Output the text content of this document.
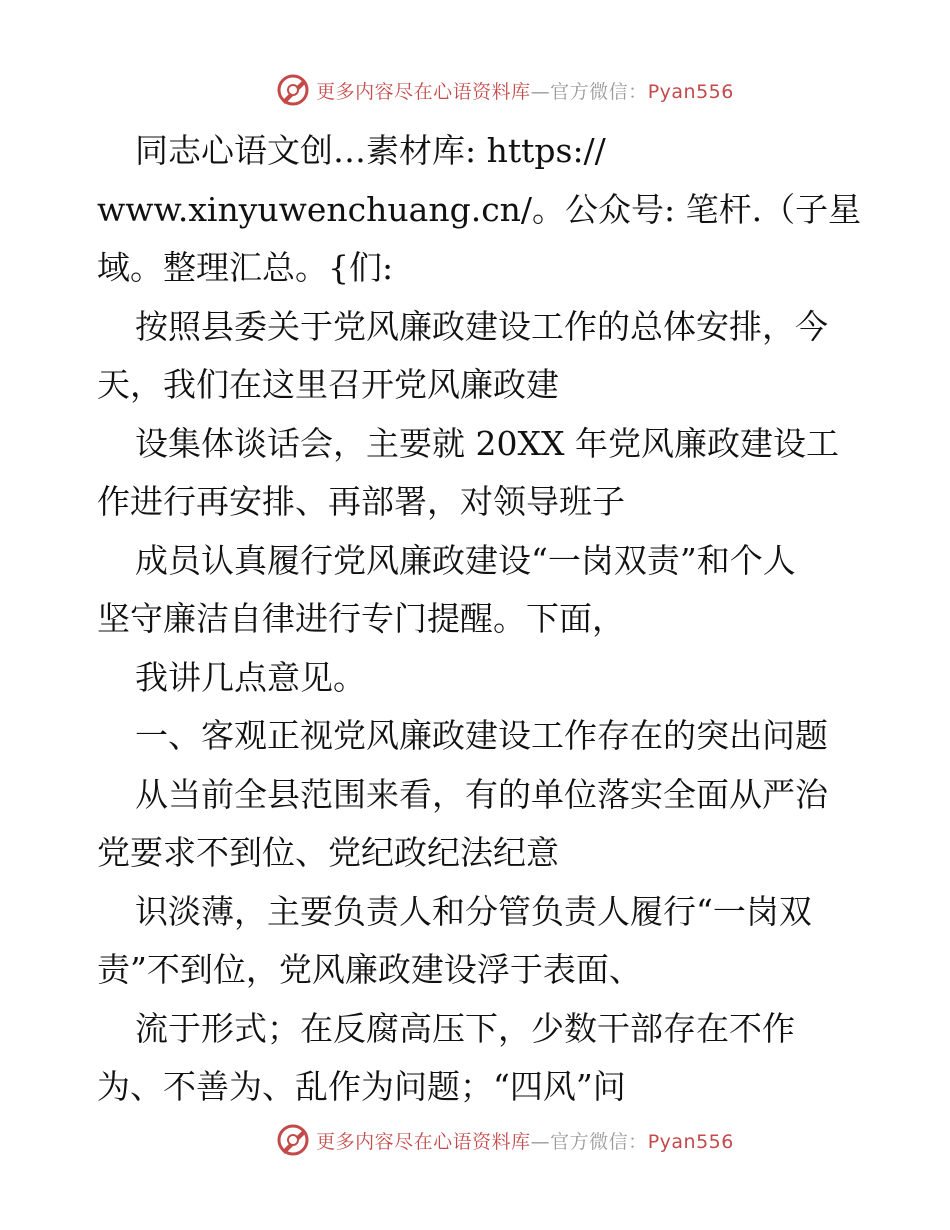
更多内容尽在心语资料库—官方微信：Pyan556
同志心语文创…素材库: https://
www.xinyuwenchuang.cn/。公众号: 笔杆.（子星
域。整理汇总。{们:
按照县委关于党风廉政建设工作的总体安排，今
天，我们在这里召开党风廉政建
设集体谈话会，主要就 20XX 年党风廉政建设工
作进行再安排、再部署，对领导班子
成员认真履行党风廉政建设“一岗双责”和个人
坚守廉洁自律进行专门提醒。下面，
我讲几点意见。
一、客观正视党风廉政建设工作存在的突出问题
从当前全县范围来看，有的单位落实全面从严治
党要求不到位、党纪政纪法纪意
识淡薄，主要负责人和分管负责人履行“一岗双
责”不到位，党风廉政建设浮于表面、
流于形式；在反腐高压下，少数干部存在不作
为、不善为、乱作为问题；“四风”问
更多内容尽在心语资料库—官方微信：Pyan556
